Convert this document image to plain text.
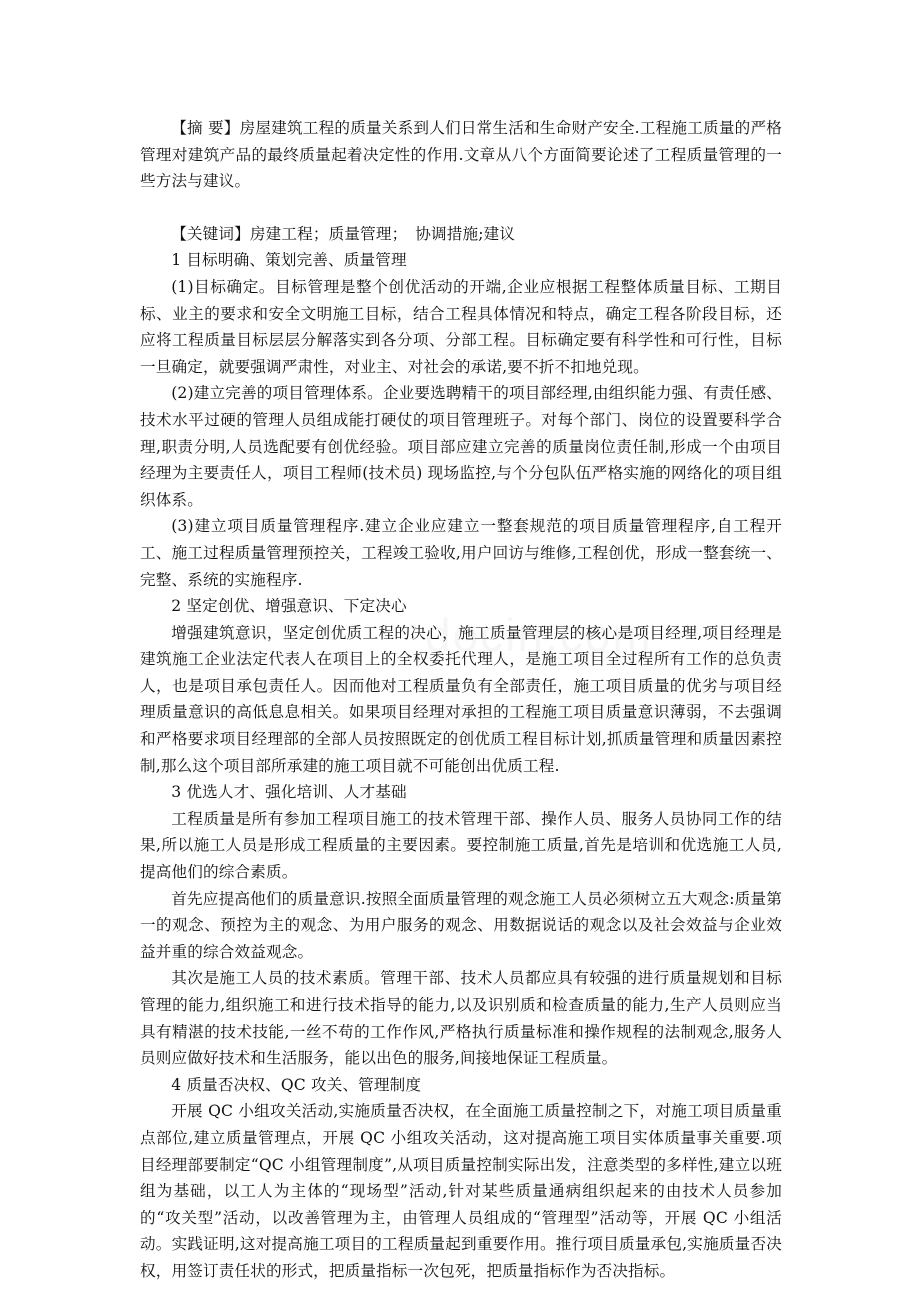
【摘 要】房屋建筑工程的质量关系到人们日常生活和生命财产安全.工程施工质量的严格管理对建筑产品的最终质量起着决定性的作用.文章从八个方面简要论述了工程质量管理的一些方法与建议。

【关键词】房建工程；质量管理；　协调措施;建议

1 目标明确、策划完善、质量管理

(1)目标确定。目标管理是整个创优活动的开端,企业应根据工程整体质量目标、工期目标、业主的要求和安全文明施工目标，结合工程具体情况和特点，确定工程各阶段目标，还应将工程质量目标层层分解落实到各分项、分部工程。目标确定要有科学性和可行性，目标一旦确定，就要强调严肃性，对业主、对社会的承诺,要不折不扣地兑现。

(2)建立完善的项目管理体系。企业要选聘精干的项目部经理,由组织能力强、有责任感、技术水平过硬的管理人员组成能打硬仗的项目管理班子。对每个部门、岗位的设置要科学合理,职责分明,人员选配要有创优经验。项目部应建立完善的质量岗位责任制,形成一个由项目经理为主要责任人，项目工程师(技术员) 现场监控,与个分包队伍严格实施的网络化的项目组织体系。

(3)建立项目质量管理程序.建立企业应建立一整套规范的项目质量管理程序,自工程开工、施工过程质量管理预控关，工程竣工验收,用户回访与维修,工程创优，形成一整套统一、完整、系统的实施程序.

2 坚定创优、增强意识、下定决心

增强建筑意识，坚定创优质工程的决心，施工质量管理层的核心是项目经理,项目经理是建筑施工企业法定代表人在项目上的全权委托代理人，是施工项目全过程所有工作的总负责人，也是项目承包责任人。因而他对工程质量负有全部责任，施工项目质量的优劣与项目经理质量意识的高低息息相关。如果项目经理对承担的工程施工项目质量意识薄弱，不去强调和严格要求项目经理部的全部人员按照既定的创优质工程目标计划,抓质量管理和质量因素控制,那么这个项目部所承建的施工项目就不可能创出优质工程.

3 优选人才、强化培训、人才基础

工程质量是所有参加工程项目施工的技术管理干部、操作人员、服务人员协同工作的结果,所以施工人员是形成工程质量的主要因素。要控制施工质量,首先是培训和优选施工人员,提高他们的综合素质。

首先应提高他们的质量意识.按照全面质量管理的观念施工人员必须树立五大观念:质量第一的观念、预控为主的观念、为用户服务的观念、用数据说话的观念以及社会效益与企业效益并重的综合效益观念。

其次是施工人员的技术素质。管理干部、技术人员都应具有较强的进行质量规划和目标管理的能力,组织施工和进行技术指导的能力,以及识别质和检查质量的能力,生产人员则应当具有精湛的技术技能,一丝不苟的工作作风,严格执行质量标准和操作规程的法制观念,服务人员则应做好技术和生活服务，能以出色的服务,间接地保证工程质量。

4 质量否决权、QC 攻关、管理制度

开展 QC 小组攻关活动,实施质量否决权，在全面施工质量控制之下，对施工项目质量重点部位,建立质量管理点，开展 QC 小组攻关活动，这对提高施工项目实体质量事关重要.项目经理部要制定“QC 小组管理制度”,从项目质量控制实际出发，注意类型的多样性,建立以班组为基础，以工人为主体的“现场型”活动,针对某些质量通病组织起来的由技术人员参加的“攻关型”活动，以改善管理为主，由管理人员组成的“管理型”活动等，开展 QC 小组活动。实践证明,这对提高施工项目的工程质量起到重要作用。推行项目质量承包,实施质量否决权，用签订责任状的形式，把质量指标一次包死，把质量指标作为否决指标。
